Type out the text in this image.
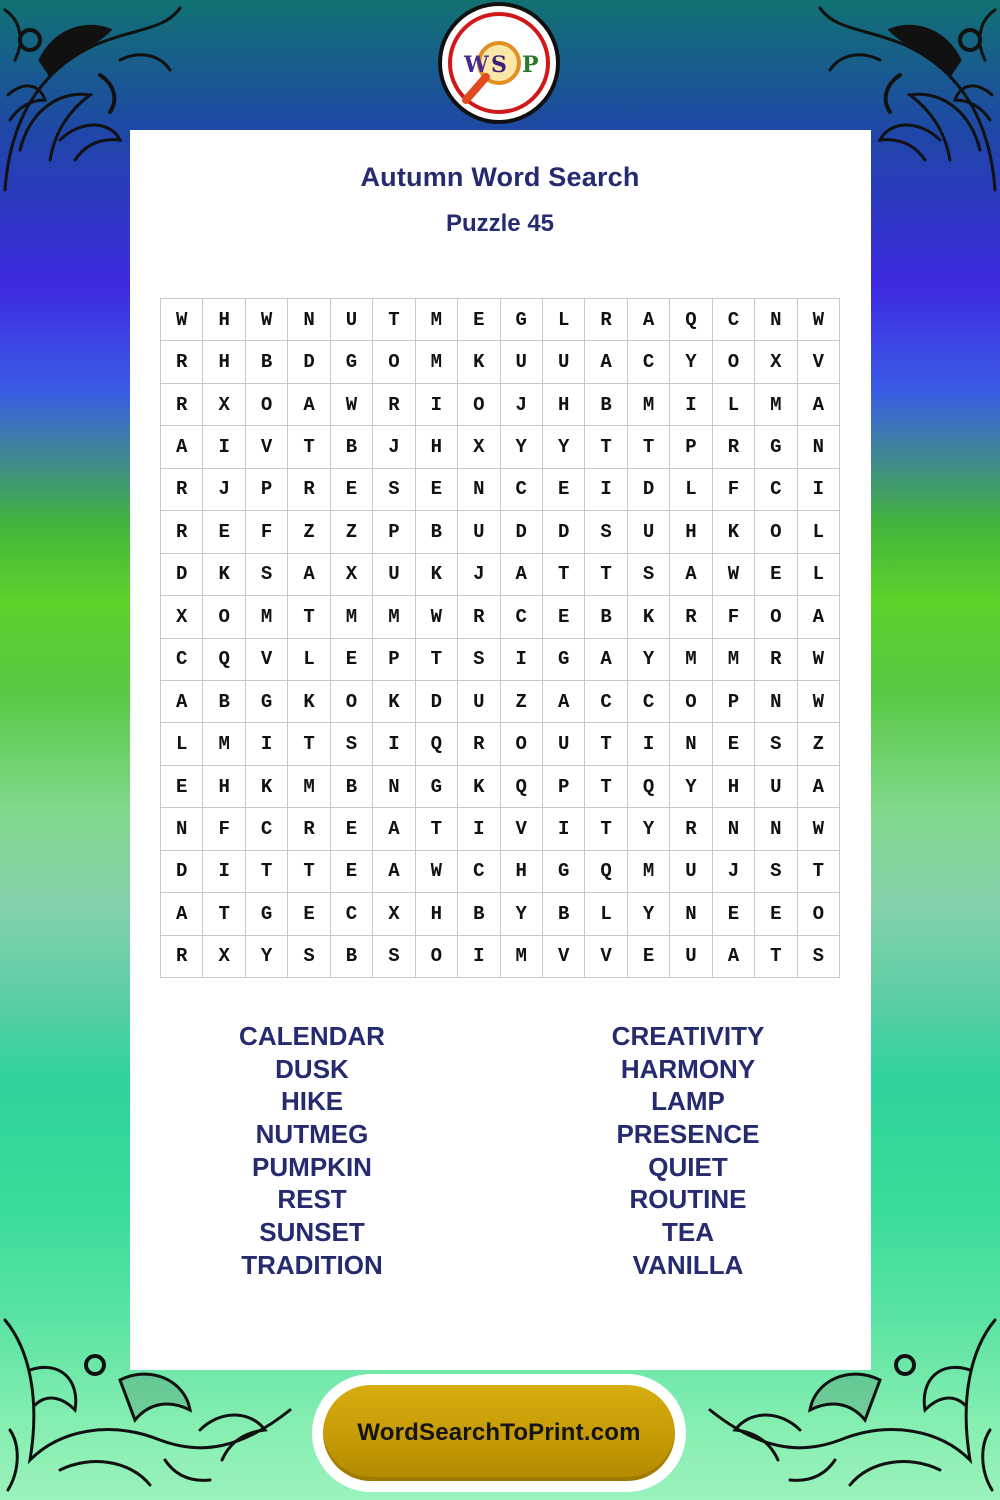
W S P
Autumn Word Search
Puzzle 45
W	H	W	N	U	T	M	E	G	L	R	A	Q	C	N	W
R	H	B	D	G	O	M	K	U	U	A	C	Y	O	X	V
R	X	O	A	W	R	I	O	J	H	B	M	I	L	M	A
A	I	V	T	B	J	H	X	Y	Y	T	T	P	R	G	N
R	J	P	R	E	S	E	N	C	E	I	D	L	F	C	I
R	E	F	Z	Z	P	B	U	D	D	S	U	H	K	O	L
D	K	S	A	X	U	K	J	A	T	T	S	A	W	E	L
X	O	M	T	M	M	W	R	C	E	B	K	R	F	O	A
C	Q	V	L	E	P	T	S	I	G	A	Y	M	M	R	W
A	B	G	K	O	K	D	U	Z	A	C	C	O	P	N	W
L	M	I	T	S	I	Q	R	O	U	T	I	N	E	S	Z
E	H	K	M	B	N	G	K	Q	P	T	Q	Y	H	U	A
N	F	C	R	E	A	T	I	V	I	T	Y	R	N	N	W
D	I	T	T	E	A	W	C	H	G	Q	M	U	J	S	T
A	T	G	E	C	X	H	B	Y	B	L	Y	N	E	E	O
R	X	Y	S	B	S	O	I	M	V	V	E	U	A	T	S
CALENDAR
DUSK
HIKE
NUTMEG
PUMPKIN
REST
SUNSET
TRADITION
CREATIVITY
HARMONY
LAMP
PRESENCE
QUIET
ROUTINE
TEA
VANILLA
WordSearchToPrint.com
